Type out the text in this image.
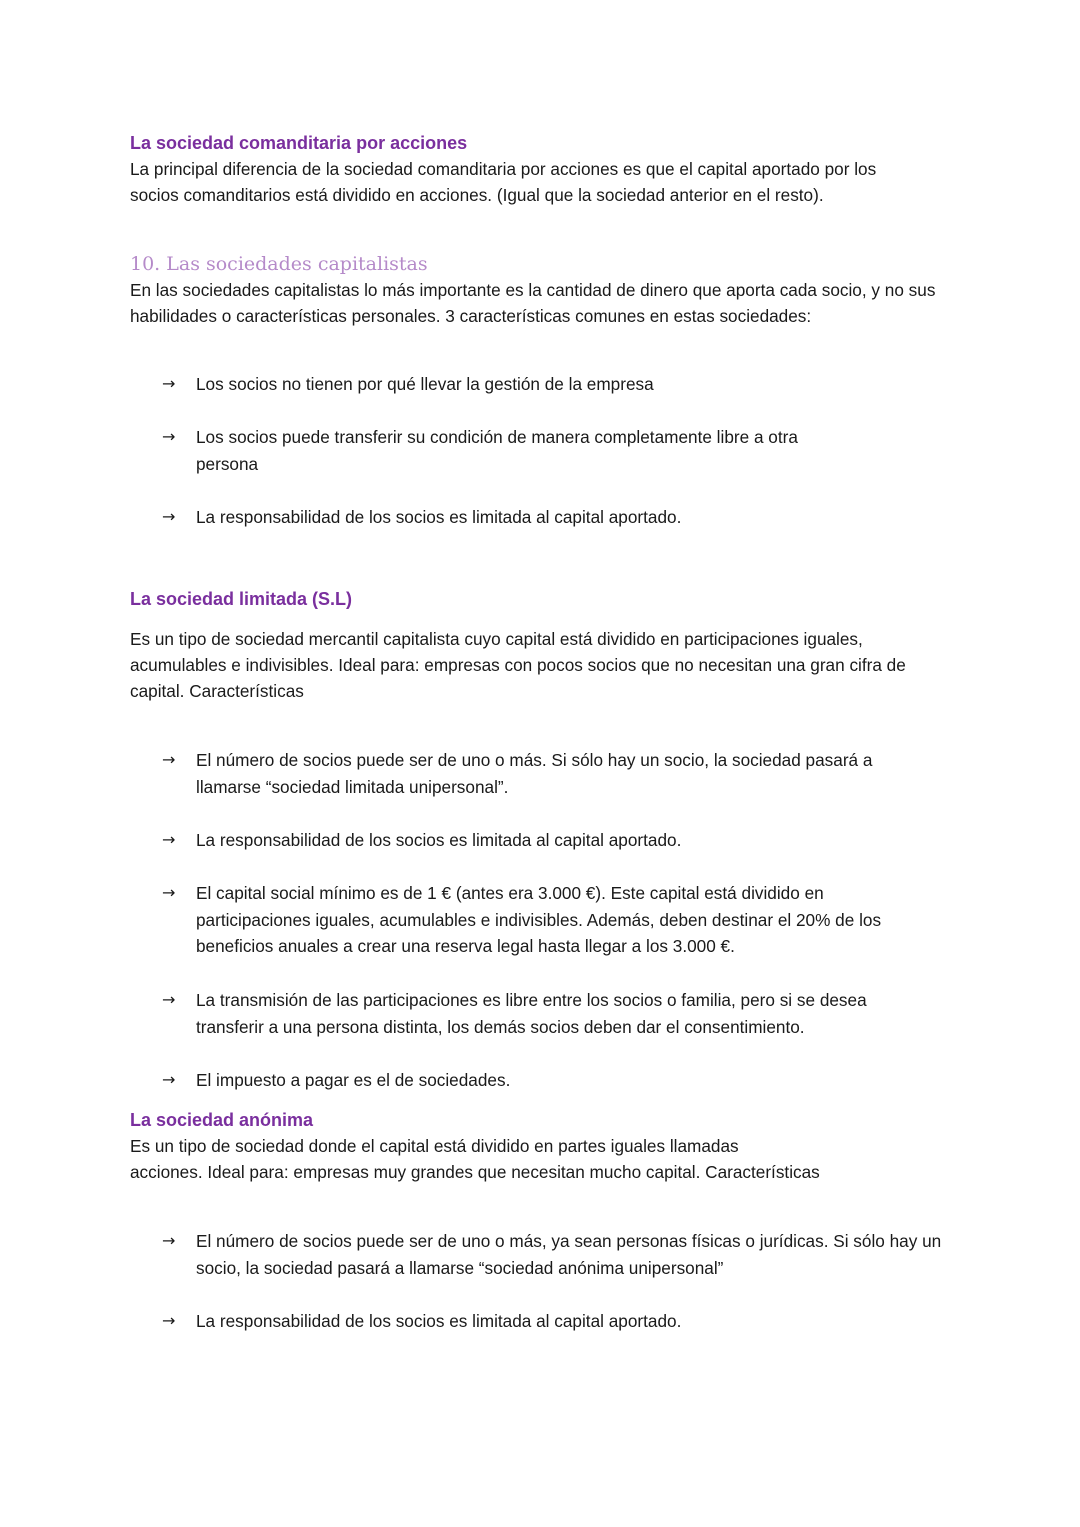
La sociedad comanditaria por acciones

La principal diferencia de la sociedad comanditaria por acciones es que el capital aportado por los socios comanditarios está dividido en acciones. (Igual que la sociedad anterior en el resto).

10. Las sociedades capitalistas

En las sociedades capitalistas lo más importante es la cantidad de dinero que aporta cada socio, y no sus habilidades o características personales. 3 características comunes en estas sociedades:

→ Los socios no tienen por qué llevar la gestión de la empresa
→ Los socios puede transferir su condición de manera completamente libre a otra persona
→ La responsabilidad de los socios es limitada al capital aportado.

La sociedad limitada (S.L)

Es un tipo de sociedad mercantil capitalista cuyo capital está dividido en participaciones iguales, acumulables e indivisibles. Ideal para: empresas con pocos socios que no necesitan una gran cifra de capital. Características

→ El número de socios puede ser de uno o más. Si sólo hay un socio, la sociedad pasará a llamarse “sociedad limitada unipersonal”.
→ La responsabilidad de los socios es limitada al capital aportado.
→ El capital social mínimo es de 1 € (antes era 3.000 €). Este capital está dividido en participaciones iguales, acumulables e indivisibles. Además, deben destinar el 20% de los beneficios anuales a crear una reserva legal hasta llegar a los 3.000 €.
→ La transmisión de las participaciones es libre entre los socios o familia, pero si se desea transferir a una persona distinta, los demás socios deben dar el consentimiento.
→ El impuesto a pagar es el de sociedades.

La sociedad anónima

Es un tipo de sociedad donde el capital está dividido en partes iguales llamadas

acciones. Ideal para: empresas muy grandes que necesitan mucho capital. Características

→ El número de socios puede ser de uno o más, ya sean personas físicas o jurídicas. Si sólo hay un socio, la sociedad pasará a llamarse “sociedad anónima unipersonal”
→ La responsabilidad de los socios es limitada al capital aportado.
